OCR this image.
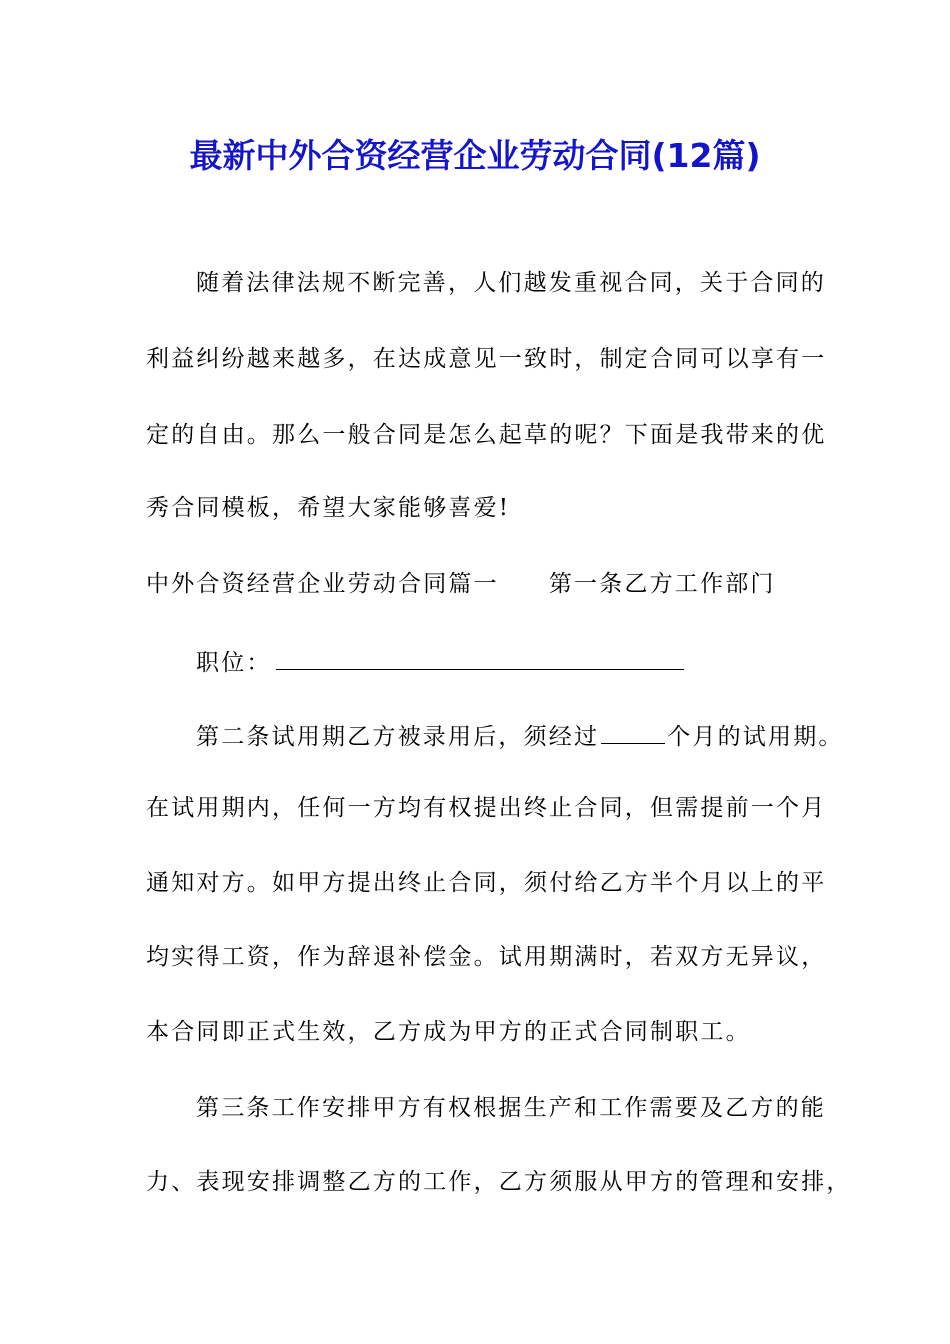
最新中外合资经营企业劳动合同(12篇)
随着法律法规不断完善，人们越发重视合同，关于合同的
利益纠纷越来越多，在达成意见一致时，制定合同可以享有一
定的自由。那么一般合同是怎么起草的呢？下面是我带来的优
秀合同模板，希望大家能够喜爱!
中外合资经营企业劳动合同篇一 第一条乙方工作部门
职位：
第二条试用期乙方被录用后，须经过	个月的试用期。
在试用期内，任何一方均有权提出终止合同，但需提前一个月
通知对方。如甲方提出终止合同，须付给乙方半个月以上的平
均实得工资，作为辞退补偿金。试用期满时，若双方无异议，
本合同即正式生效，乙方成为甲方的正式合同制职工。
第三条工作安排甲方有权根据生产和工作需要及乙方的能
力、表现安排调整乙方的工作，乙方须服从甲方的管理和安排，
